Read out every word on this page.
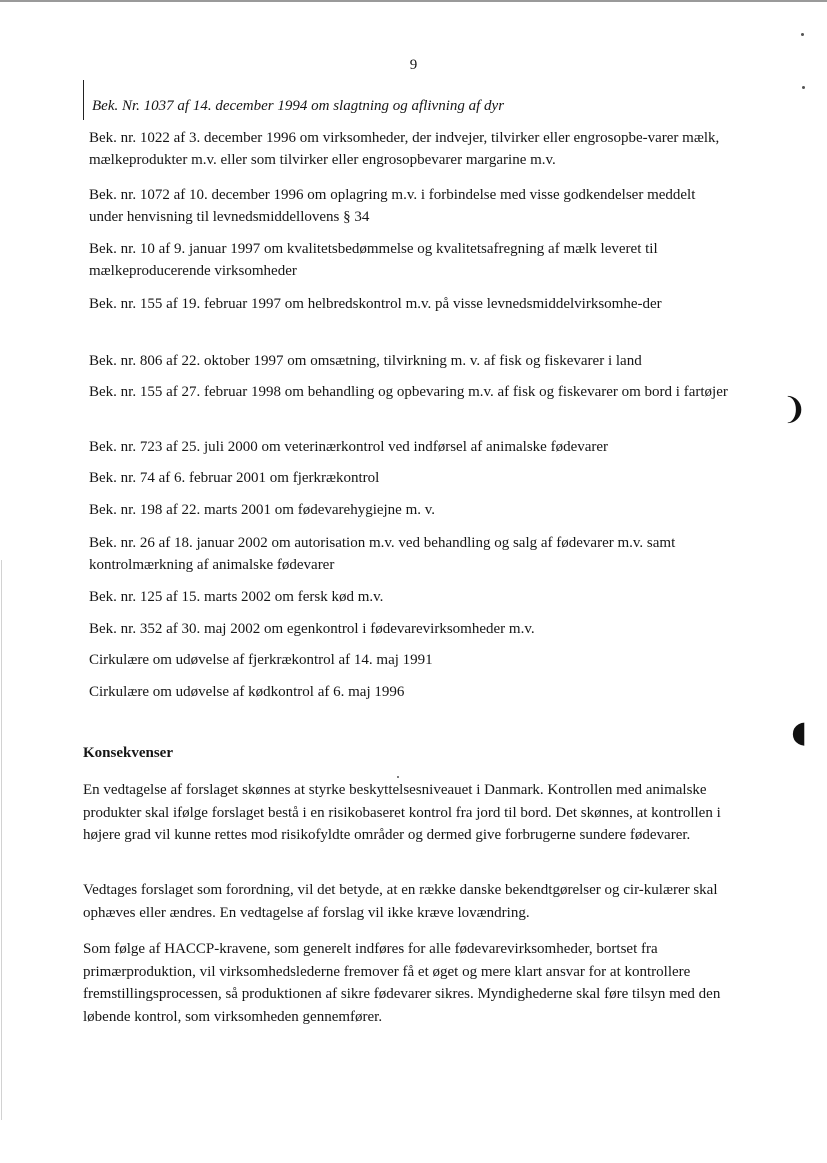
9
Bek. Nr. 1037 af 14. december 1994 om slagtning og aflivning af dyr
Bek. nr. 1022 af 3. december 1996 om virksomheder, der indvejer, tilvirker eller engrosopbe-varer mælk, mælkeprodukter m.v. eller som tilvirker eller engrosopbevarer margarine m.v.
Bek. nr. 1072 af 10. december 1996 om oplagring m.v. i forbindelse med visse godkendelser meddelt under henvisning til levnedsmiddellovens § 34
Bek. nr. 10 af 9. januar 1997 om kvalitetsbedømmelse og kvalitetsafregning af mælk leveret til mælkeproducerende virksomheder
Bek. nr. 155 af 19. februar 1997 om helbredskontrol m.v. på visse levnedsmiddelvirksomhe-der
Bek. nr. 806 af 22. oktober 1997 om omsætning, tilvirkning m. v. af fisk og fiskevarer i land
Bek. nr. 155 af 27. februar 1998 om behandling og opbevaring m.v. af fisk og fiskevarer om bord i fartøjer
Bek. nr. 723 af 25. juli 2000 om veterinærkontrol ved indførsel af animalske fødevarer
Bek. nr. 74 af 6. februar 2001 om fjerkrækontrol
Bek. nr. 198 af 22. marts 2001 om fødevarehygiejne m. v.
Bek. nr. 26 af 18. januar 2002 om autorisation m.v. ved behandling og salg af fødevarer m.v. samt kontrolmærkning af animalske fødevarer
Bek. nr. 125 af 15. marts 2002 om fersk kød m.v.
Bek. nr. 352 af 30. maj 2002 om egenkontrol i fødevarevirksomheder m.v.
Cirkulære om udøvelse af fjerkrækontrol af 14. maj 1991
Cirkulære om udøvelse af kødkontrol af 6. maj 1996
Konsekvenser
En vedtagelse af forslaget skønnes at styrke beskyttelsesniveauet i Danmark. Kontrollen med animalske produkter skal ifølge forslaget bestå i en risikobaseret kontrol fra jord til bord. Det skønnes, at kontrollen i højere grad vil kunne rettes mod risikofyldte områder og dermed give forbrugerne sundere fødevarer.
Vedtages forslaget som forordning, vil det betyde, at en række danske bekendtgørelser og cir-kulærer skal ophæves eller ændres. En vedtagelse af forslag vil ikke kræve lovændring.
Som følge af HACCP-kravene, som generelt indføres for alle fødevarevirksomheder, bortset fra primærproduktion, vil virksomhedslederne fremover få et øget og mere klart ansvar for at kontrollere fremstillingsprocessen, så produktionen af sikre fødevarer sikres. Myndighederne skal føre tilsyn med den løbende kontrol, som virksomheden gennemfører.
❩
◖
